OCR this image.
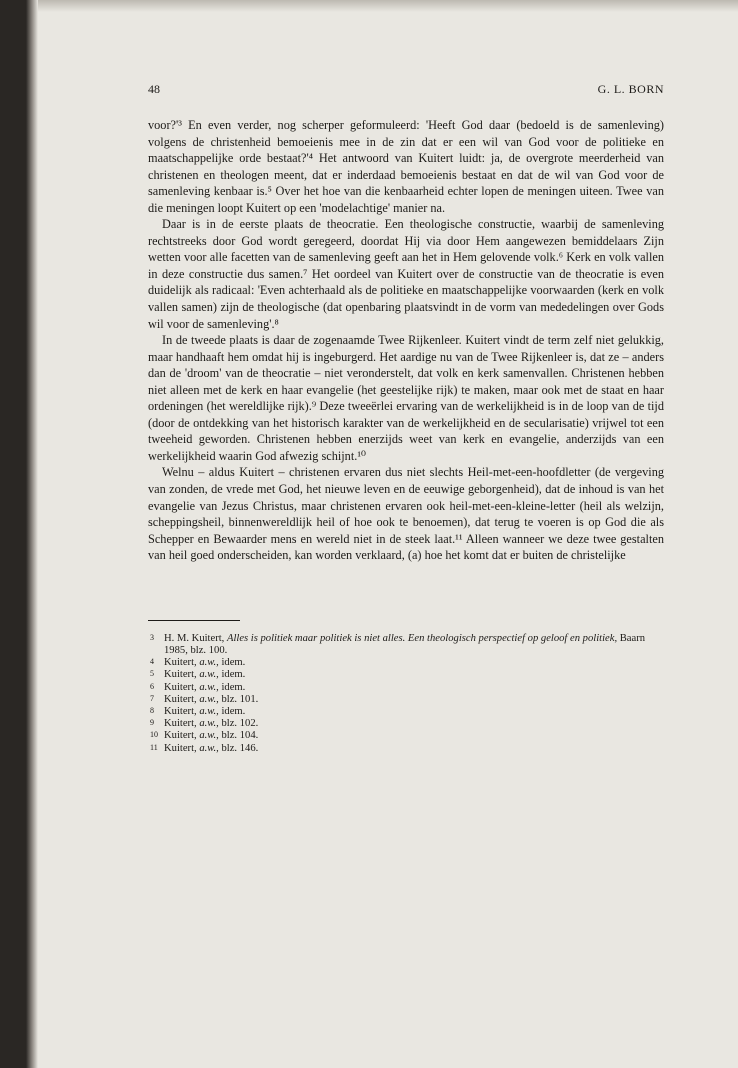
48	G. L. BORN

voor?'³ En even verder, nog scherper geformuleerd: 'Heeft God daar (bedoeld is de samenleving) volgens de christenheid bemoeienis mee in de zin dat er een wil van God voor de politieke en maatschappelijke orde bestaat?'⁴ Het antwoord van Kuitert luidt: ja, de overgrote meerderheid van christenen en theologen meent, dat er inderdaad bemoeienis bestaat en dat de wil van God voor de samenleving kenbaar is.⁵ Over het hoe van die kenbaarheid echter lopen de meningen uiteen. Twee van die meningen loopt Kuitert op een 'modelachtige' manier na.

Daar is in de eerste plaats de theocratie. Een theologische constructie, waarbij de samenleving rechtstreeks door God wordt geregeerd, doordat Hij via door Hem aangewezen bemiddelaars Zijn wetten voor alle facetten van de samenleving geeft aan het in Hem gelovende volk.⁶ Kerk en volk vallen in deze constructie dus samen.⁷ Het oordeel van Kuitert over de constructie van de theocratie is even duidelijk als radicaal: 'Even achterhaald als de politieke en maatschappelijke voorwaarden (kerk en volk vallen samen) zijn de theologische (dat openbaring plaatsvindt in de vorm van mededelingen over Gods wil voor de samenleving'.⁸

In de tweede plaats is daar de zogenaamde Twee Rijkenleer. Kuitert vindt de term zelf niet gelukkig, maar handhaaft hem omdat hij is ingeburgerd. Het aardige nu van de Twee Rijkenleer is, dat ze – anders dan de 'droom' van de theocratie – niet veronderstelt, dat volk en kerk samenvallen. Christenen hebben niet alleen met de kerk en haar evangelie (het geestelijke rijk) te maken, maar ook met de staat en haar ordeningen (het wereldlijke rijk).⁹ Deze tweeërlei ervaring van de werkelijkheid is in de loop van de tijd (door de ontdekking van het historisch karakter van de werkelijkheid en de secularisatie) vrijwel tot een tweeheid geworden. Christenen hebben enerzijds weet van kerk en evangelie, anderzijds van een werkelijkheid waarin God afwezig schijnt.¹⁰

Welnu – aldus Kuitert – christenen ervaren dus niet slechts Heil-met-een-hoofdletter (de vergeving van zonden, de vrede met God, het nieuwe leven en de eeuwige geborgenheid), dat de inhoud is van het evangelie van Jezus Christus, maar christenen ervaren ook heil-met-een-kleine-letter (heil als welzijn, scheppingsheil, binnenwereldlijk heil of hoe ook te benoemen), dat terug te voeren is op God die als Schepper en Bewaarder mens en wereld niet in de steek laat.¹¹ Alleen wanneer we deze twee gestalten van heil goed onderscheiden, kan worden verklaard, (a) hoe het komt dat er buiten de christelijke

3 H. M. Kuitert, Alles is politiek maar politiek is niet alles. Een theologisch perspectief op geloof en politiek, Baarn 1985, blz. 100.
4 Kuitert, a.w., idem.
5 Kuitert, a.w., idem.
6 Kuitert, a.w., idem.
7 Kuitert, a.w., blz. 101.
8 Kuitert, a.w., idem.
9 Kuitert, a.w., blz. 102.
10 Kuitert, a.w., blz. 104.
11 Kuitert, a.w., blz. 146.
